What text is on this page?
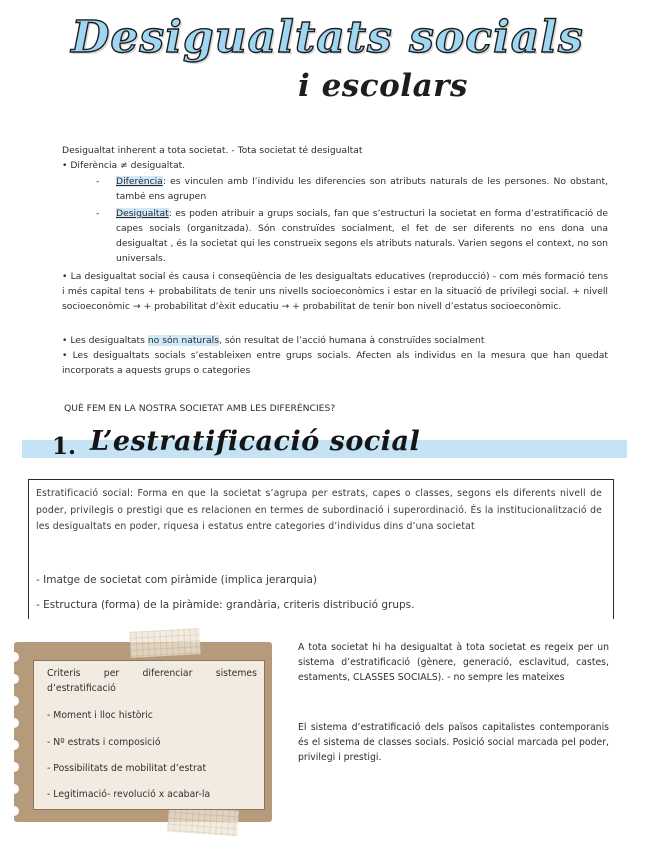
Desigualtats socials
i escolars
Desigualtat inherent a tota societat. - Tota societat té desigualtat
• Diferència ≠ desigualtat.
- Diferència: es vinculen amb l’individu les diferencies son atributs naturals de les persones. No obstant, també ens agrupen
- Desigualtat: es poden atribuir a grups socials, fan que s’estructuri la societat en forma d’estratificació de capes socials (organitzada). Són construïdes socialment, el fet de ser diferents no ens dona una desigualtat , és la societat qui les construeix segons els atributs naturals. Varien segons el context, no son universals.
• La desigualtat social és causa i conseqüència de les desigualtats educatives (reproducció) - com més formació tens i més capital tens + probabilitats de tenir uns nivells socioeconòmics i estar en la situació de privilegi social. + nivell socioeconòmic → + probabilitat d’èxit educatiu → + probabilitat de tenir bon nivell d’estatus socioeconòmic.
• Les desigualtats no són naturals, són resultat de l’acció humana à construïdes socialment
• Les desigualtats socials s’estableixen entre grups socials. Afecten als individus en la mesura que han quedat incorporats a aquests grups o categories
QUÈ FEM EN LA NOSTRA SOCIETAT AMB LES DIFERÈNCIES?
1. L’estratificació social
Estratificació social: Forma en que la societat s’agrupa per estrats, capes o classes, segons els diferents nivell de poder, privilegis o prestigi que es relacionen en termes de subordinació i superordinació. És la institucionalització de les desigualtats en poder, riquesa i estatus entre categories d’individus dins d’una societat
- Imatge de societat com piràmide (implica jerarquia)
- Estructura (forma) de la piràmide: grandària, criteris distribució grups.
Criteris per diferenciar sistemes d’estratificació
- Moment i lloc històric
- Nº estrats i composició
- Possibilitats de mobilitat d’estrat
- Legitimació- revolució x acabar-la
A tota societat hi ha desigualtat à tota societat es regeix per un sistema d’estratificació (gènere, generació, esclavitud, castes, estaments, CLASSES SOCIALS). - no sempre les mateixes
El sistema d’estratificació dels països capitalistes contemporanis és el sistema de classes socials. Posició social marcada pel poder, privilegi i prestigi.
